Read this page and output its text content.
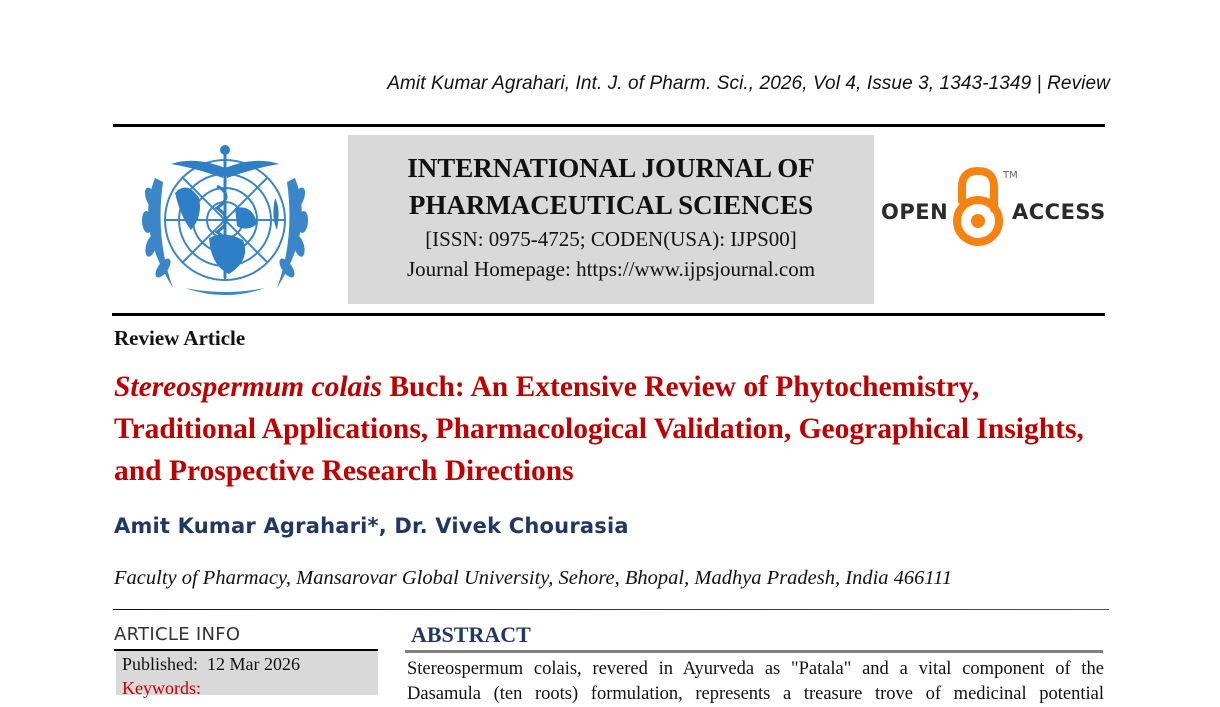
Amit Kumar Agrahari, Int. J. of Pharm. Sci., 2026, Vol 4, Issue 3, 1343-1349 | Review
INTERNATIONAL JOURNAL OF
PHARMACEUTICAL SCIENCES
[ISSN: 0975-4725; CODEN(USA): IJPS00]
Journal Homepage: https://www.ijpsjournal.com
OPEN
TM
ACCESS
Review Article
Stereospermum colais Buch: An Extensive Review of Phytochemistry, Traditional Applications, Pharmacological Validation, Geographical Insights, and Prospective Research Directions
Amit Kumar Agrahari*, Dr. Vivek Chourasia
Faculty of Pharmacy, Mansarovar Global University, Sehore, Bhopal, Madhya Pradesh, India 466111
ARTICLE INFO
Published: 12 Mar 2026
Keywords:
ABSTRACT
Stereospermum colais, revered in Ayurveda as "Patala" and a vital component of the
Dasamula (ten roots) formulation, represents a treasure trove of medicinal potential
